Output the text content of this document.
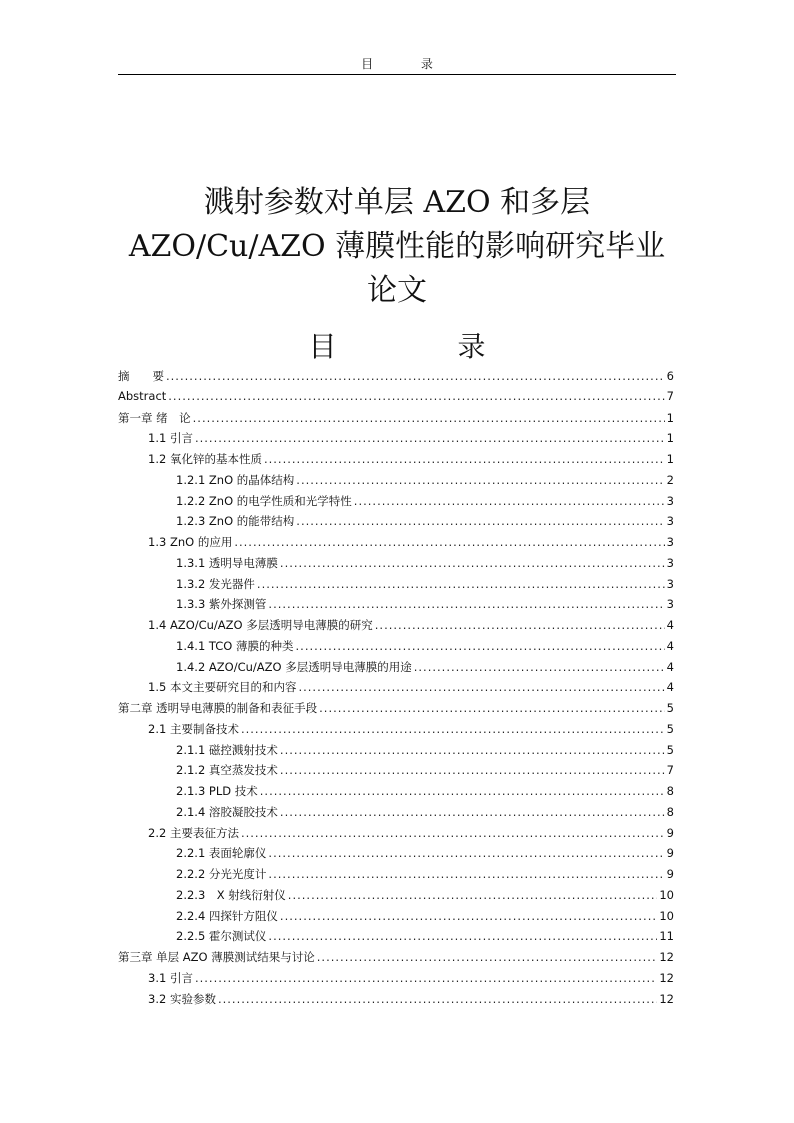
目 录
溅射参数对单层 AZO 和多层
AZO/Cu/AZO 薄膜性能的影响研究毕业
论文
目 录
摘　　要 .....	6
Abstract .....	7
第一章 绪　论 .....	1
1.1 引言 .....	1
1.2 氧化锌的基本性质 .....	1
1.2.1 ZnO 的晶体结构 .....	2
1.2.2 ZnO 的电学性质和光学特性 .....	3
1.2.3 ZnO 的能带结构 .....	3
1.3 ZnO 的应用 .....	3
1.3.1 透明导电薄膜 .....	3
1.3.2 发光器件 .....	3
1.3.3 紫外探测管 .....	3
1.4 AZO/Cu/AZO 多层透明导电薄膜的研究 .....	4
1.4.1 TCO 薄膜的种类 .....	4
1.4.2 AZO/Cu/AZO 多层透明导电薄膜的用途 .....	4
1.5 本文主要研究目的和内容 .....	4
第二章 透明导电薄膜的制备和表征手段 .....	5
2.1 主要制备技术 .....	5
2.1.1 磁控溅射技术 .....	5
2.1.2 真空蒸发技术 .....	7
2.1.3 PLD 技术 .....	8
2.1.4 溶胶凝胶技术 .....	8
2.2 主要表征方法 .....	9
2.2.1 表面轮廓仪 .....	9
2.2.2 分光光度计 .....	9
2.2.3　X 射线衍射仪 .....	10
2.2.4 四探针方阻仪 .....	10
2.2.5 霍尔测试仪 .....	11
第三章 单层 AZO 薄膜测试结果与讨论 .....	12
3.1 引言 .....	12
3.2 实验参数 .....	12
